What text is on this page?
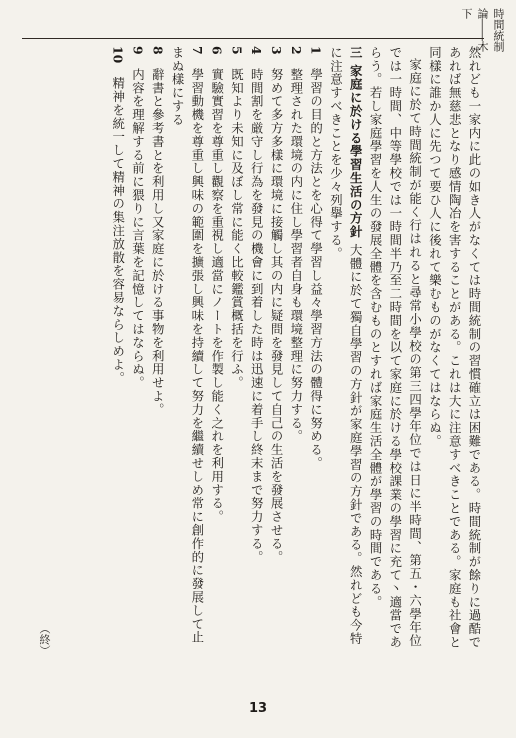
時間統制論――木下

然れども一家内に此の如き人がなくては時間統制の習慣確立は困難である。時間統制が餘りに過酷であれば無慈悲となり感情陶冶を害することがある。これは大に注意すべきことである。家庭も社會と同樣に誰か人に先つて要ひ人に後れて樂むものがなくてはならぬ。

家庭に於て時間統制が能く行はれると尋常小學校の第三四學年位では日に半時間、第五・六學年位では一時間、中等學校では一時間半乃至二時間を以て家庭に於ける學校課業の學習に充て丶適當であらう。若し家庭學習を人生の發展全體を含むものとすれば家庭生活全體が學習の時間である。

三 家庭に於ける學習生活の方針 大體に於て獨自學習の方針が家庭學習の方針である。然れども今特に注意すべきことを少々列擧する。

1　學習の目的と方法とを心得て學習し益々學習方法の體得に努める。
2　整理された環境の内に住し學習者自身も環境整理に努力する。
3　努めて多方多樣に環境に接觸し其の内に疑問を發見して自己の生活を發展させる。
4　時間割を厳守し行為を發見の機會に到着した時は迅速に着手し終末まで努力する。
5　既知より未知に及ぼし常に能く比較鑑賞概括を行ふ。
6　實驗實習を尊重し觀察を重視し適當にノートを作製し能く之れを利用する。
7　學習動機を尊重し興味の範圍を擴張し興味を持續して努力を繼續せしめ常に創作的に發展して止まぬ樣にする
8　辭書と參考書とを利用し又家庭に於ける事物を利用せよ。
9　内容を理解する前に猥りに言葉を記憶してはならぬ。
10　精神を統一して精神の集注放散を容易ならしめよ。
（終）
13
